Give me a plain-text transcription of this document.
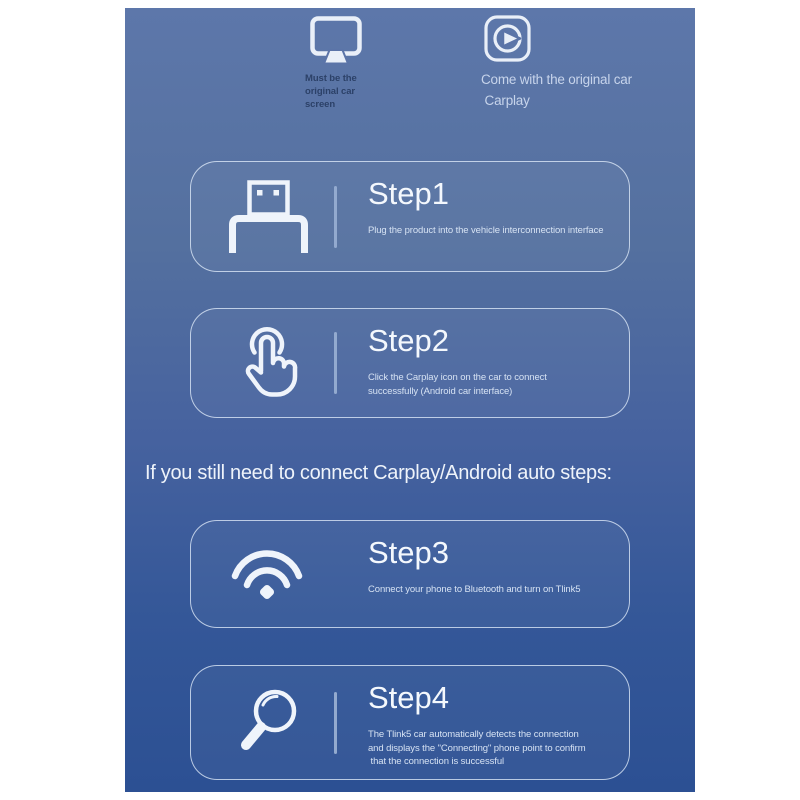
Must be the
original car
screen
Come with the original car
Carplay
If you still need to connect Carplay/Android auto steps:
Step1
Plug the product into the vehicle interconnection interface
Step2
Click the Carplay icon on the car to connect
successfully (Android car interface)
Step3
Connect your phone to Bluetooth and turn on Tlink5
Step4
The Tlink5 car automatically detects the connection
and displays the "Connecting" phone point to confirm
that the connection is successful
